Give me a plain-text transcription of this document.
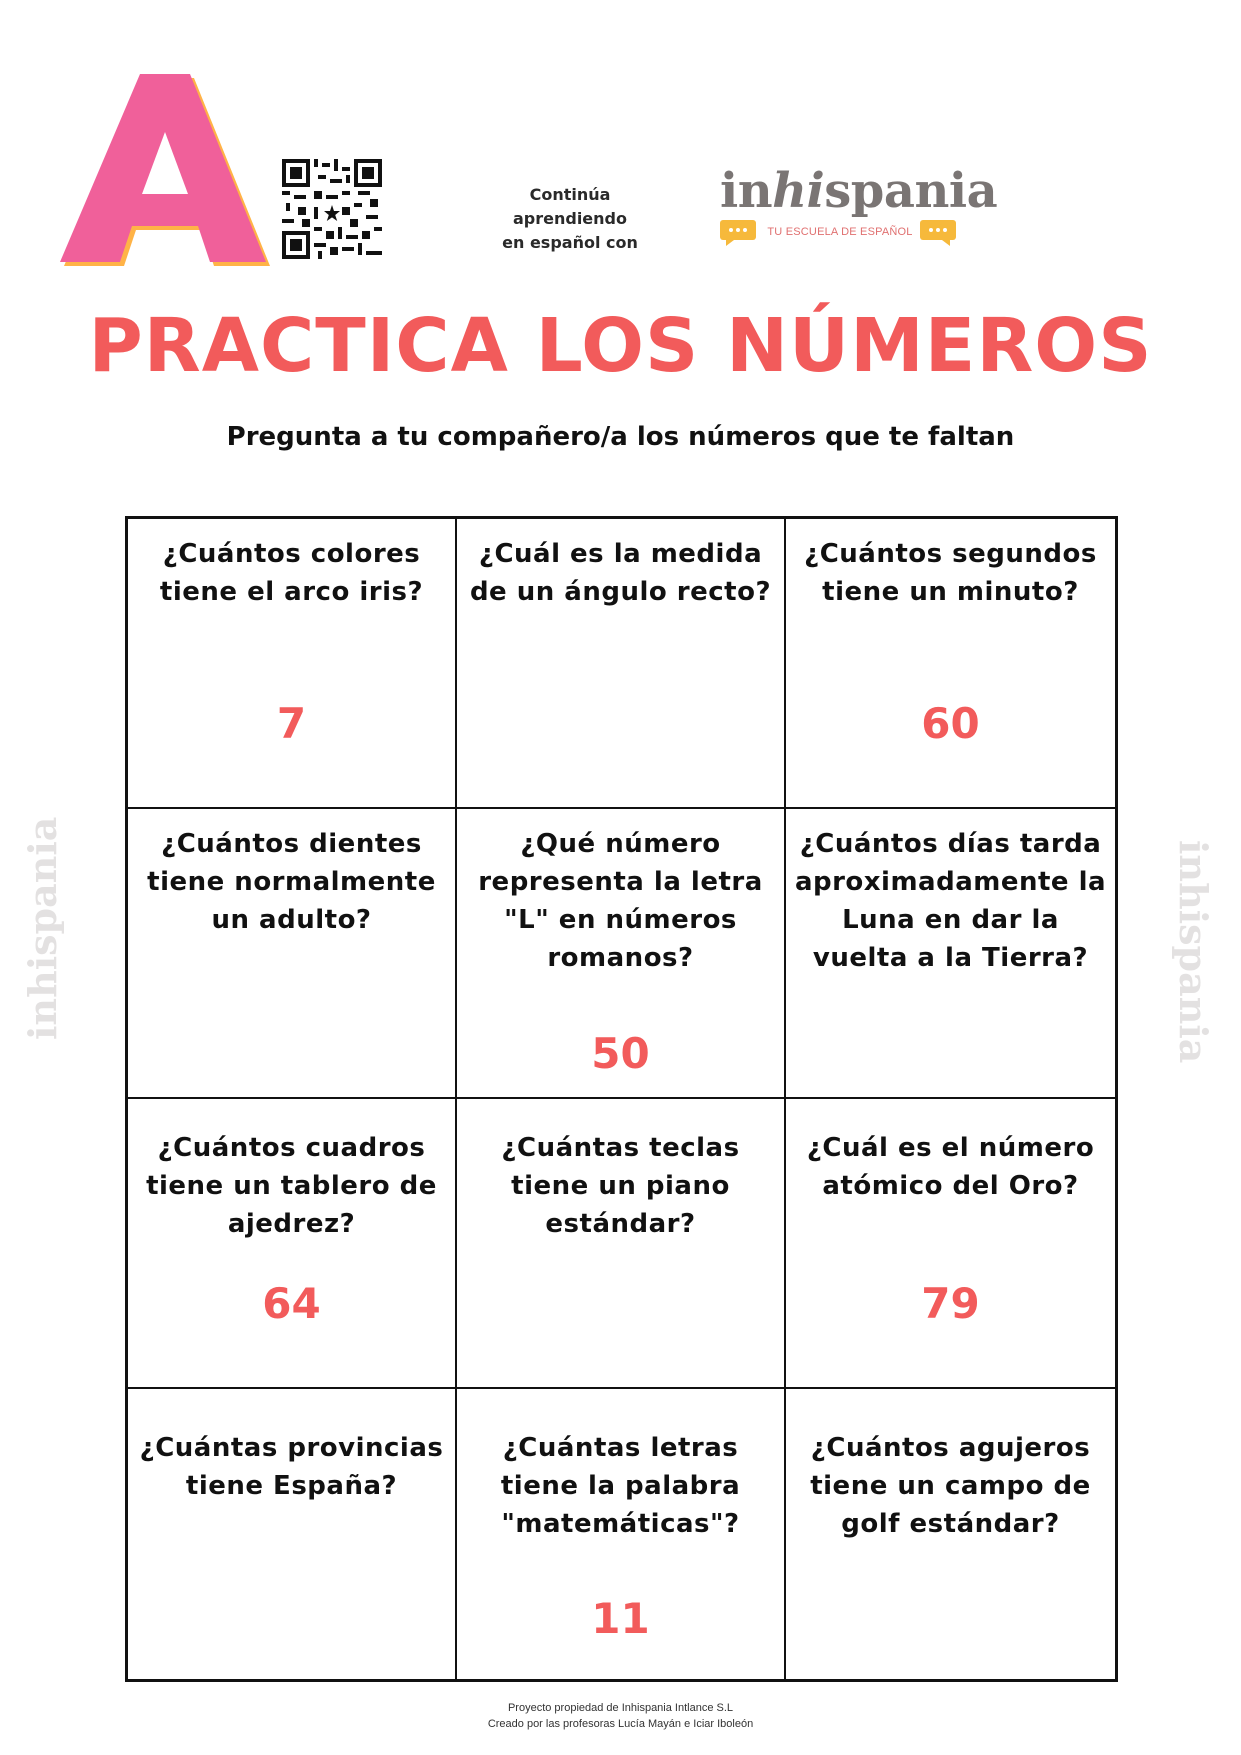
Continúa aprendiendo
en español con
inhispania
TU ESCUELA DE ESPAÑOL
PRACTICA LOS NÚMEROS
Pregunta a tu compañero/a los números que te faltan
inhispania	inhispania
¿Cuántos colores tiene el arco iris?
7
¿Cuál es la medida de un ángulo recto?
¿Cuántos segundos tiene un minuto?
60
¿Cuántos dientes tiene normalmente un adulto?
¿Qué número representa la letra "L" en números romanos?
50
¿Cuántos días tarda aproximadamente la Luna en dar la vuelta a la Tierra?
¿Cuántos cuadros tiene un tablero de ajedrez?
64
¿Cuántas teclas tiene un piano estándar?
¿Cuál es el número atómico del Oro?
79
¿Cuántas provincias tiene España?
¿Cuántas letras tiene la palabra "matemáticas"?
11
¿Cuántos agujeros tiene un campo de golf estándar?
Proyecto propiedad de Inhispania Intlance S.L
Creado por las profesoras Lucía Mayán e Iciar Iboleón
